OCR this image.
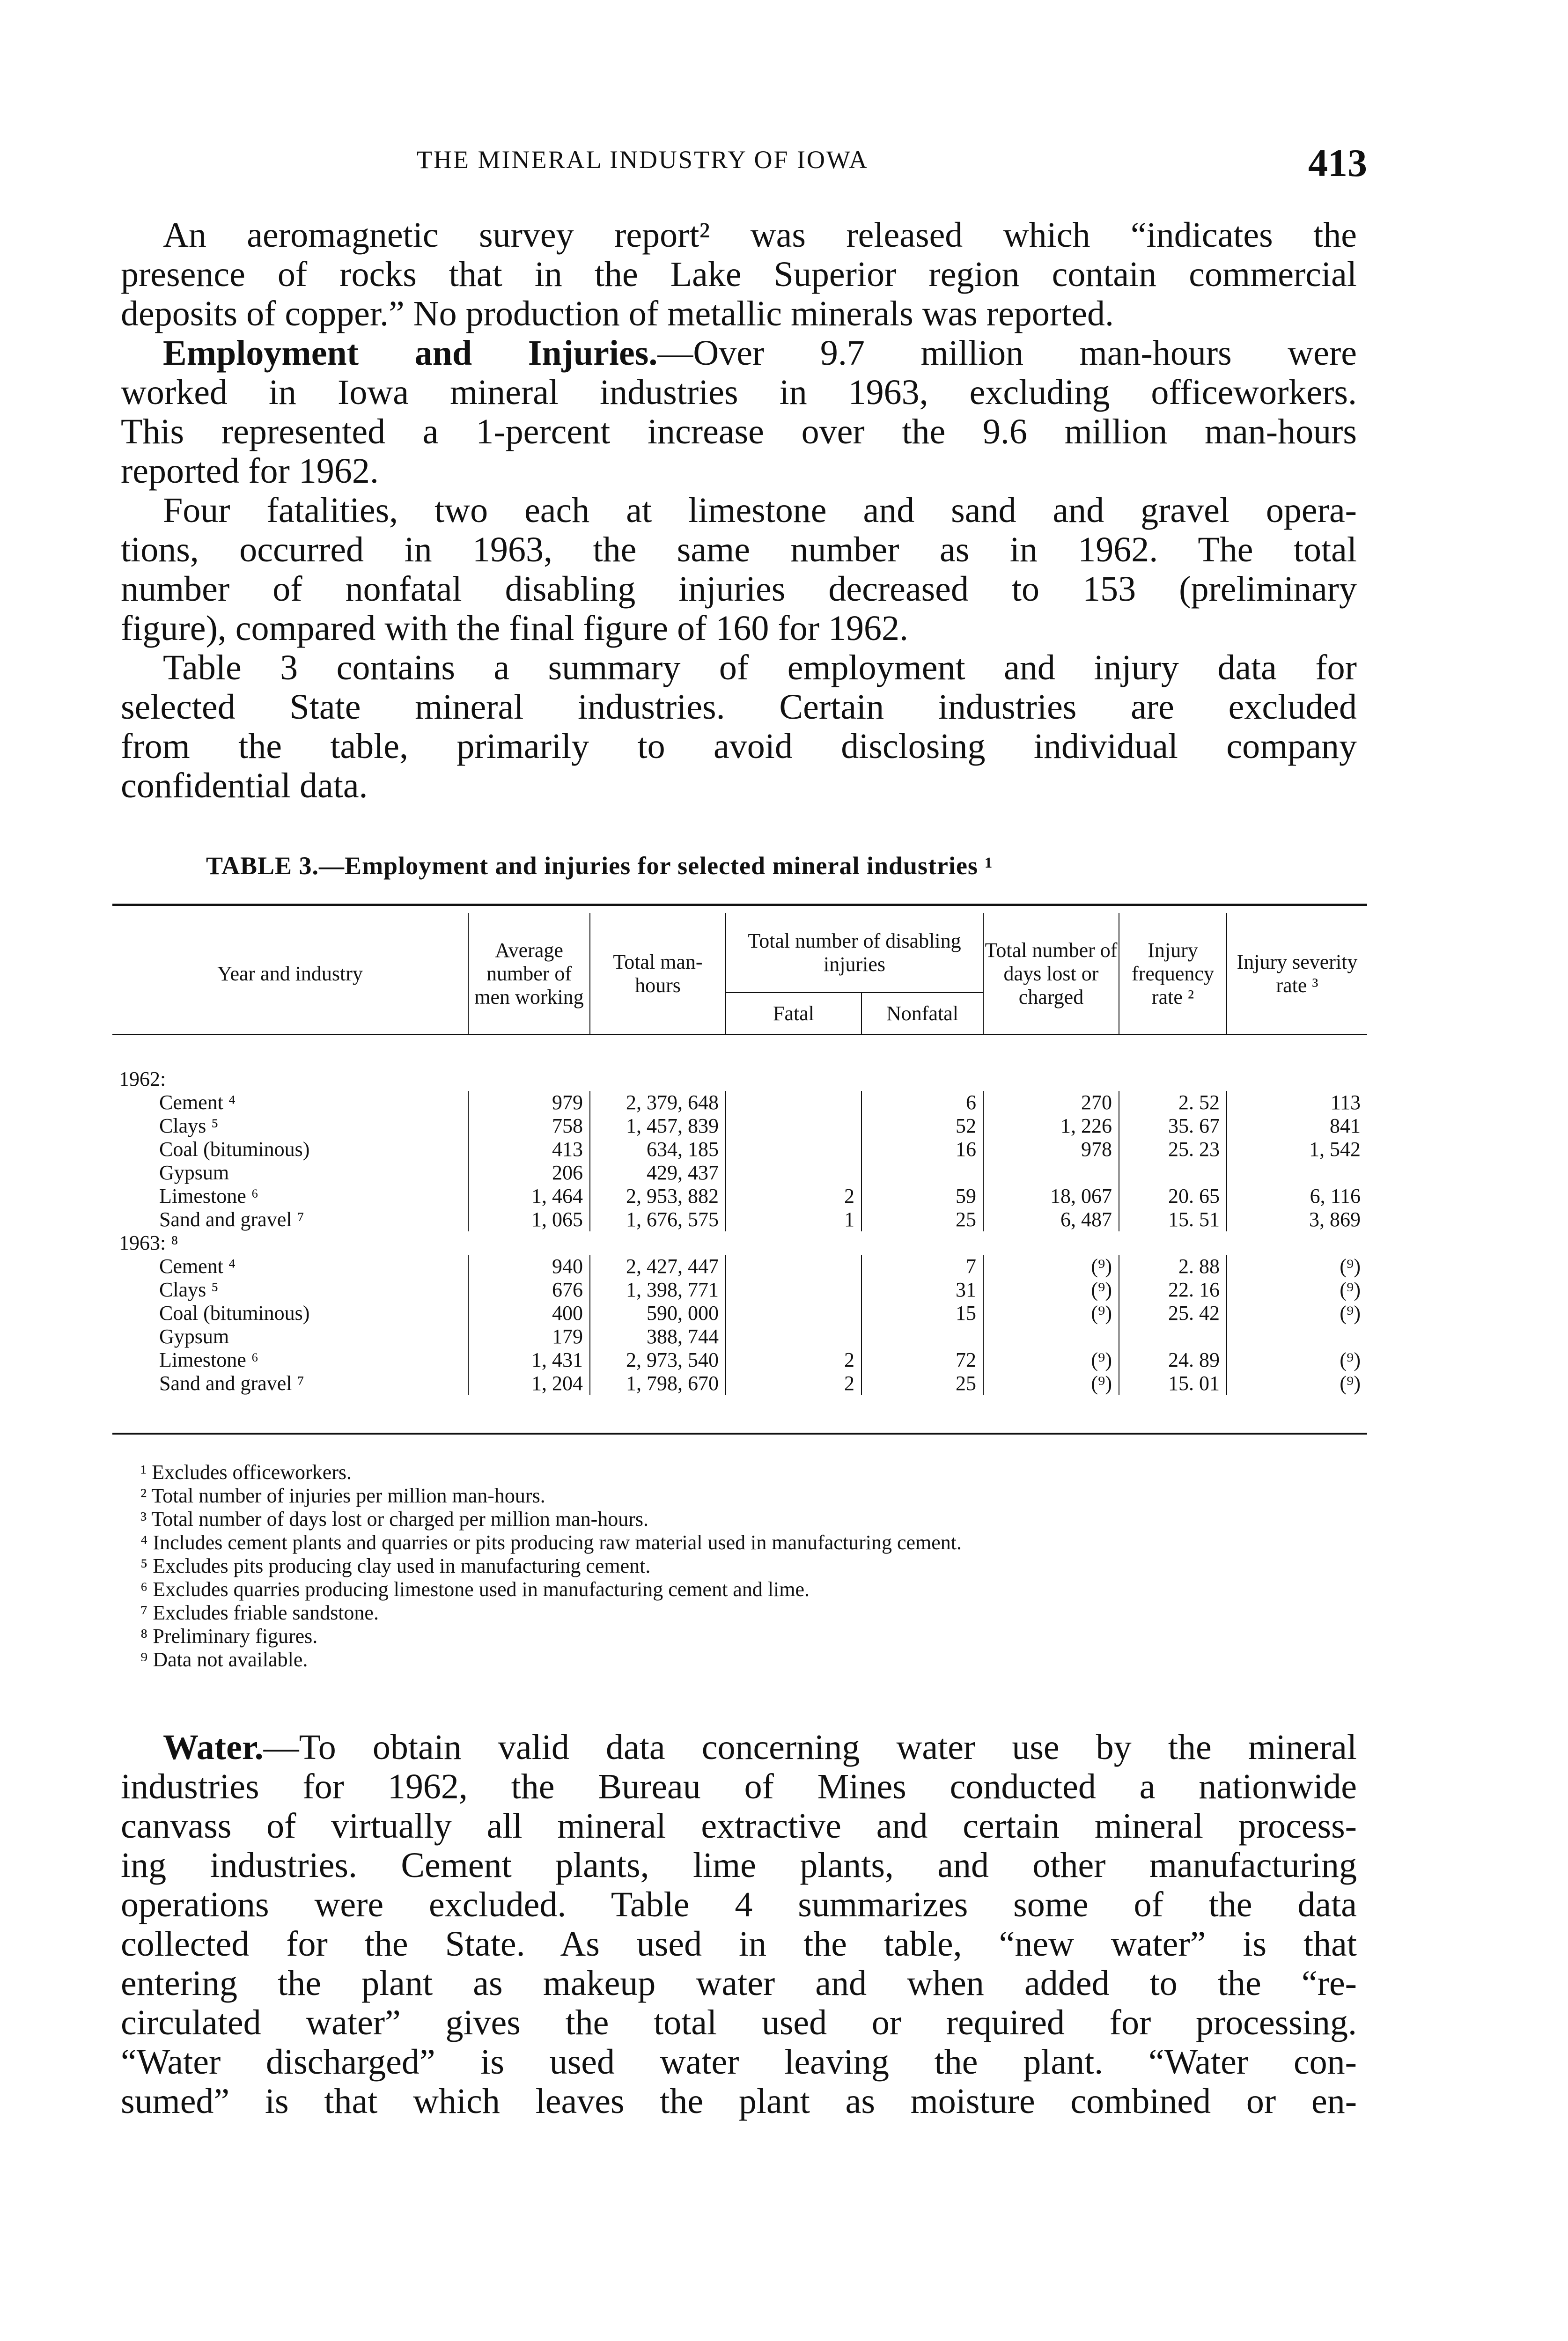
THE MINERAL INDUSTRY OF IOWA	413
An aeromagnetic survey report² was released which “indicates the
presence of rocks that in the Lake Superior region contain commercial
deposits of copper.” No production of metallic minerals was reported.
Employment and Injuries.—Over 9.7 million man-hours were
worked in Iowa mineral industries in 1963, excluding officeworkers.
This represented a 1-percent increase over the 9.6 million man-hours
reported for 1962.
Four fatalities, two each at limestone and sand and gravel opera-
tions, occurred in 1963, the same number as in 1962. The total
number of nonfatal disabling injuries decreased to 153 (preliminary
figure), compared with the final figure of 160 for 1962.
Table 3 contains a summary of employment and injury data for
selected State mineral industries. Certain industries are excluded
from the table, primarily to avoid disclosing individual company
confidential data.
TABLE 3.—Employment and injuries for selected mineral industries ¹
Year and industry	Average number of men working	Total man-hours	Total number of disabling injuries		Total number of days lost or charged	Injury frequency rate ²	Injury severity rate ³
			Fatal	Nonfatal			

1962:							
Cement ⁴	979	2, 379, 648		6	270	2. 52	113
Clays ⁵	758	1, 457, 839		52	1, 226	35. 67	841
Coal (bituminous)	413	634, 185		16	978	25. 23	1, 542
Gypsum	206	429, 437					
Limestone ⁶	1, 464	2, 953, 882	2	59	18, 067	20. 65	6, 116
Sand and gravel ⁷	1, 065	1, 676, 575	1	25	6, 487	15. 51	3, 869
1963: ⁸							
Cement ⁴	940	2, 427, 447		7	(⁹)	2. 88	(⁹)
Clays ⁵	676	1, 398, 771		31	(⁹)	22. 16	(⁹)
Coal (bituminous)	400	590, 000		15	(⁹)	25. 42	(⁹)
Gypsum	179	388, 744					
Limestone ⁶	1, 431	2, 973, 540	2	72	(⁹)	24. 89	(⁹)
Sand and gravel ⁷	1, 204	1, 798, 670	2	25	(⁹)	15. 01	(⁹)
¹ Excludes officeworkers.
² Total number of injuries per million man-hours.
³ Total number of days lost or charged per million man-hours.
⁴ Includes cement plants and quarries or pits producing raw material used in manufacturing cement.
⁵ Excludes pits producing clay used in manufacturing cement.
⁶ Excludes quarries producing limestone used in manufacturing cement and lime.
⁷ Excludes friable sandstone.
⁸ Preliminary figures.
⁹ Data not available.
Water.—To obtain valid data concerning water use by the mineral
industries for 1962, the Bureau of Mines conducted a nationwide
canvass of virtually all mineral extractive and certain mineral process-
ing industries. Cement plants, lime plants, and other manufacturing
operations were excluded. Table 4 summarizes some of the data
collected for the State. As used in the table, “new water” is that
entering the plant as makeup water and when added to the “re-
circulated water” gives the total used or required for processing.
“Water discharged” is used water leaving the plant. “Water con-
sumed” is that which leaves the plant as moisture combined or en-
